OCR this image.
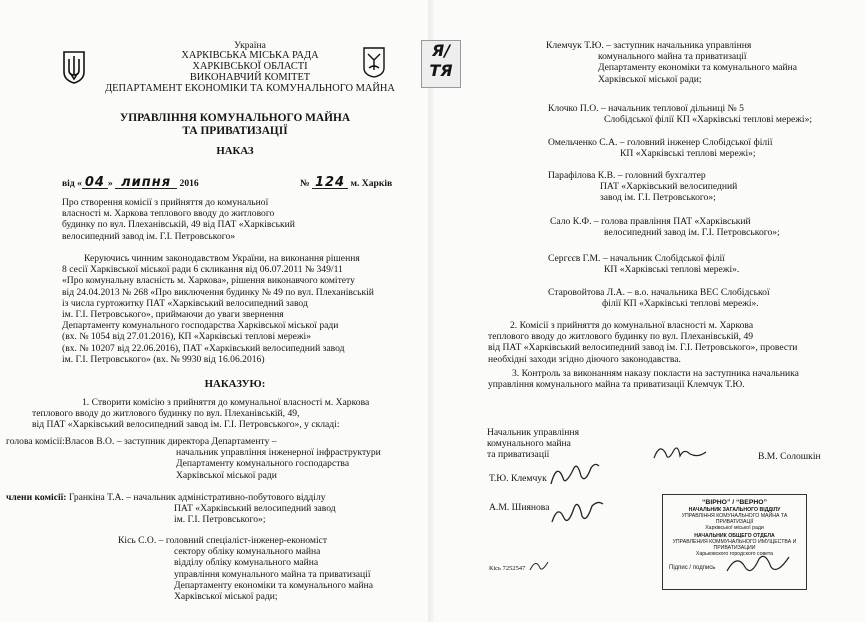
Україна
ХАРКІВСЬКА МІСЬКА РАДА
ХАРКІВСЬКОЇ ОБЛАСТІ
ВИКОНАВЧИЙ КОМІТЕТ
ДЕПАРТАМЕНТ ЕКОНОМІКИ ТА КОМУНАЛЬНОГО МАЙНА
УПРАВЛІННЯ КОМУНАЛЬНОГО МАЙНА
ТА ПРИВАТИЗАЦІЇ
НАКАЗ
від « 04 » липня 2016	№ 124 м. Харків
Про створення комісії з прийняття до комунальної
власності м. Харкова теплового вводу до житлового
будинку по вул. Плеханівській, 49 від ПАТ «Харківський
велосипедний завод ім. Г.І. Петровського»
Керуючись чинним законодавством України, на виконання рішення
8 сесії Харківської міської ради 6 скликання від 06.07.2011 № 349/11
«Про комунальну власність м. Харкова», рішення виконавчого комітету
від 24.04.2013 № 268 «Про виключення будинку № 49 по вул. Плеханівській
із числа гуртожитку ПАТ «Харківський велосипедний завод
ім. Г.І. Петровського», приймаючи до уваги звернення
Департаменту комунального господарства Харківської міської ради
(вх. № 1054 від 27.01.2016), КП «Харківські теплові мережі»
(вх. № 10207 від 22.06.2016), ПАТ «Харківський велосипедний завод
ім. Г.І. Петровського» (вх. № 9930 від 16.06.2016)
НАКАЗУЮ:
1. Створити комісію з прийняття до комунальної власності м. Харкова
теплового вводу до житлового будинку по вул. Плеханівській, 49,
від ПАТ «Харківський велосипедний завод ім. Г.І. Петровського», у складі:
голова комісії:Власов В.О. – заступник директора Департаменту –
начальник управління інженерної інфраструктури
Департаменту комунального господарства
Харківської міської ради
члени комісії: Гранкіна Т.А. – начальник адміністративно-побутового відділу
ПАТ «Харківський велосипедний завод
ім. Г.І. Петровського»;
Кісь С.О. – головний спеціаліст-інженер-економіст
сектору обліку комунального майна
відділу обліку комунального майна
управління комунального майна та приватизації
Департаменту економіки та комунального майна
Харківської міської ради;
Я/ ТЯ
Клемчук Т.Ю. – заступник начальника управління
комунального майна та приватизації
Департаменту економіки та комунального майна
Харківської міської ради;
Клочко П.О. – начальник теплової дільниці № 5
Слобідської філії КП «Харківські теплові мережі»;
Омельченко С.А. – головний інженер Слобідської філії
КП «Харківські теплові мережі»;
Парафілова К.В. – головний бухгалтер
ПАТ «Харківський велосипедний
завод ім. Г.І. Петровського»;
Сало К.Ф. – голова правління ПАТ «Харківський
велосипедний завод ім. Г.І. Петровського»;
Сергєєв Г.М. – начальник Слобідської філії
КП «Харківські теплові мережі».
Старовойтова Л.А. – в.о. начальника ВЕС Слобідської
філії КП «Харківські теплові мережі».
2. Комісії з прийняття до комунальної власності м. Харкова
теплового вводу до житлового будинку по вул. Плеханівській, 49
від ПАТ «Харківський велосипедний завод ім. Г.І. Петровського», провести
необхідні заходи згідно діючого законодавства.
3. Контроль за виконанням наказу покласти на заступника начальника
управління комунального майна та приватизації Клемчук Т.Ю.
Начальник управління
комунального майна
та приватизації	В.М. Солошкін
Т.Ю. Клемчук
А.М. Шиянова
Кісь 7252547
“ВІРНО” / “ВЕРНО”
НАЧАЛЬНИК ЗАГАЛЬНОГО ВІДДІЛУ
УПРАВЛІННЯ КОМУНАЛЬНОГО МАЙНА ТА ПРИВАТИЗАЦІЇ
Харківської міської ради
НАЧАЛЬНИК ОБЩЕГО ОТДЕЛА
УПРАВЛЕНИЯ КОММУНАЛЬНОГО ИМУЩЕСТВА И ПРИВАТИЗАЦИИ
Харьковского городского совета
Підпис / подпись
